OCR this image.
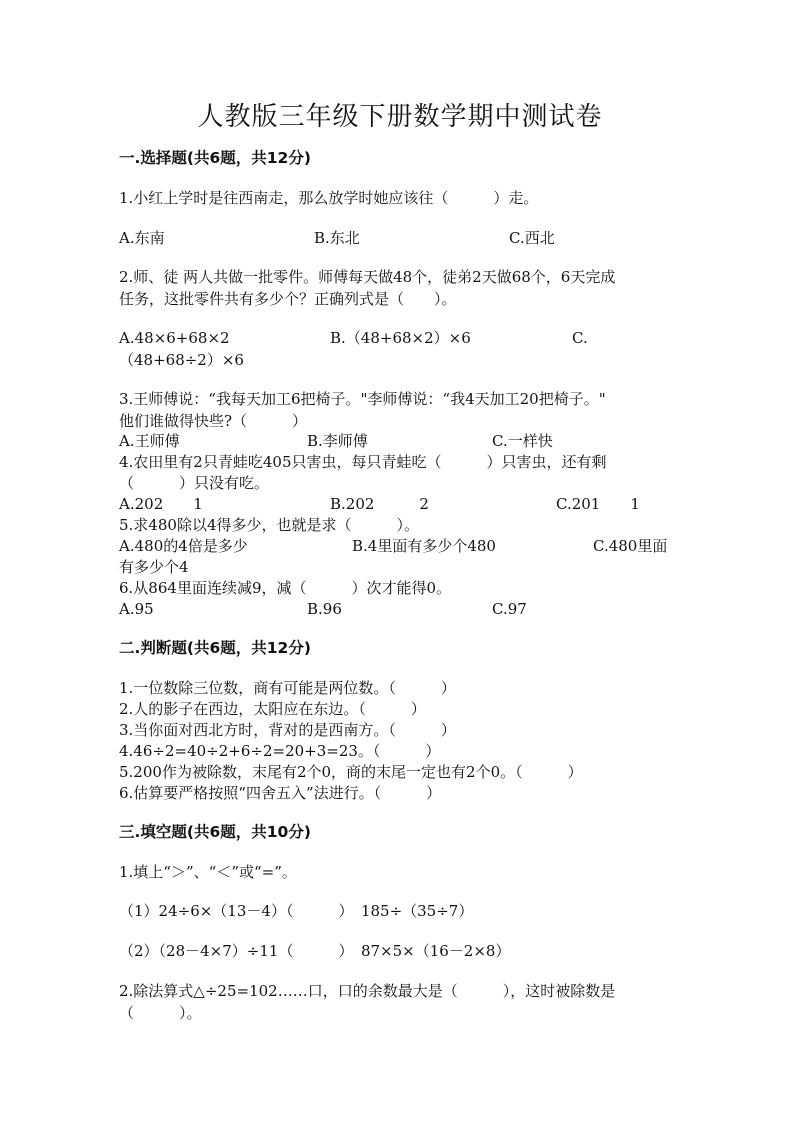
人教版三年级下册数学期中测试卷
一.选择题(共6题，共12分)
1.小红上学时是往西南走，那么放学时她应该往（　　　）走。
A.东南	B.东北	C.西北
2.师、徒 两人共做一批零件。师傅每天做48个，徒弟2天做68个，6天完成
任务，这批零件共有多少个？正确列式是（　　）。
A.48×6+68×2	B.（48+68×2）×6	C.
（48+68÷2）×6
3.王师傅说：“我每天加工6把椅子。"李师傅说：“我4天加工20把椅子。"
他们谁做得快些?（　　　）
A.王师傅	B.李师傅	C.一样快
4.农田里有2只青蛙吃405只害虫，每只青蛙吃（　　　）只害虫，还有剩
（　　　）只没有吃。
A.202　　1	B.202　　　2	C.201　　1
5.求480除以4得多少，也就是求（　　　）。
A.480的4倍是多少	B.4里面有多少个480	C.480里面
有多少个4
6.从864里面连续减9，减（　　　）次才能得0。
A.95	B.96	C.97
二.判断题(共6题，共12分)
1.一位数除三位数，商有可能是两位数。（　　　）
2.人的影子在西边，太阳应在东边。（　　　）
3.当你面对西北方时，背对的是西南方。（　　　）
4.46÷2=40÷2+6÷2=20+3=23。（　　　）
5.200作为被除数，末尾有2个0，商的末尾一定也有2个0。（　　　）
6.估算要严格按照“四舍五入”法进行。（　　　）
三.填空题(共6题，共10分)
1.填上“＞”、“＜”或“=”。
（1）24÷6×（13－4）（　　　）　185÷（35÷7）
（2）（28－4×7）÷11（　　　）　87×5×（16－2×8）
2.除法算式△÷25=102……口，口的余数最大是（　　　），这时被除数是
（　　　）。
